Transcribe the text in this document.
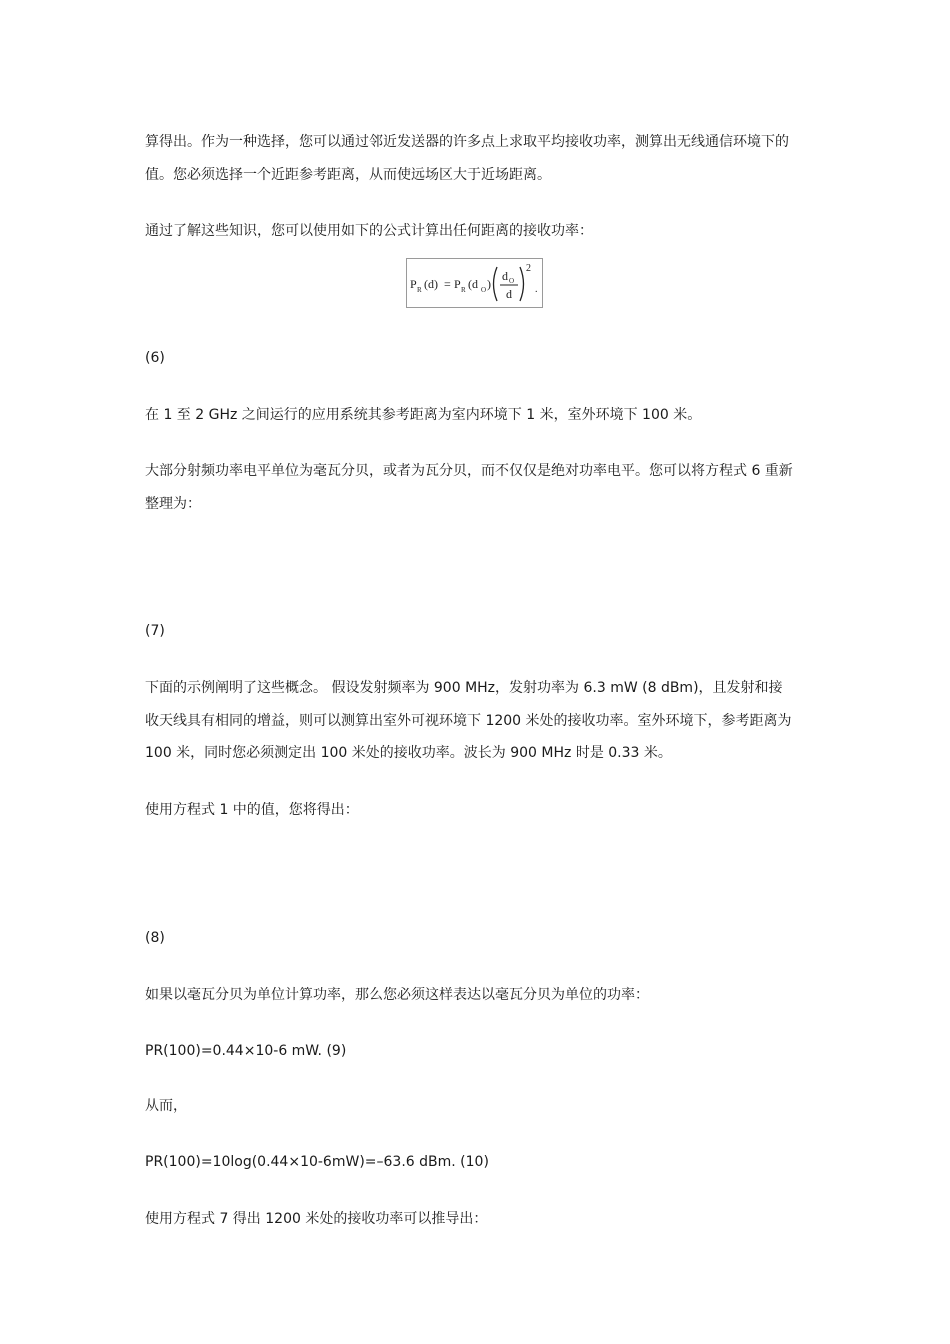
算得出。作为一种选择，您可以通过邻近发送器的许多点上求取平均接收功率，测算出无线通信环境下的

值。您必须选择一个近距参考距离，从而使远场区大于近场距离。

通过了解这些知识，您可以使用如下的公式计算出任何距离的接收功率：

P R (d) = P R (d O )
d O
d
2
.

(6)

在 1 至 2 GHz 之间运行的应用系统其参考距离为室内环境下 1 米，室外环境下 100 米。

大部分射频功率电平单位为毫瓦分贝，或者为瓦分贝，而不仅仅是绝对功率电平。您可以将方程式 6 重新

整理为：

(7)

下面的示例阐明了这些概念。 假设发射频率为 900 MHz，发射功率为 6.3 mW (8 dBm)，且发射和接

收天线具有相同的增益，则可以测算出室外可视环境下 1200 米处的接收功率。室外环境下，参考距离为

100 米，同时您必须测定出 100 米处的接收功率。波长为 900 MHz 时是 0.33 米。

使用方程式 1 中的值，您将得出：

(8)

如果以毫瓦分贝为单位计算功率，那么您必须这样表达以毫瓦分贝为单位的功率：

PR(100)=0.44×10-6 mW. (9)

从而，

PR(100)=10log(0.44×10-6mW)=–63.6 dBm. (10)

使用方程式 7 得出 1200 米处的接收功率可以推导出：
